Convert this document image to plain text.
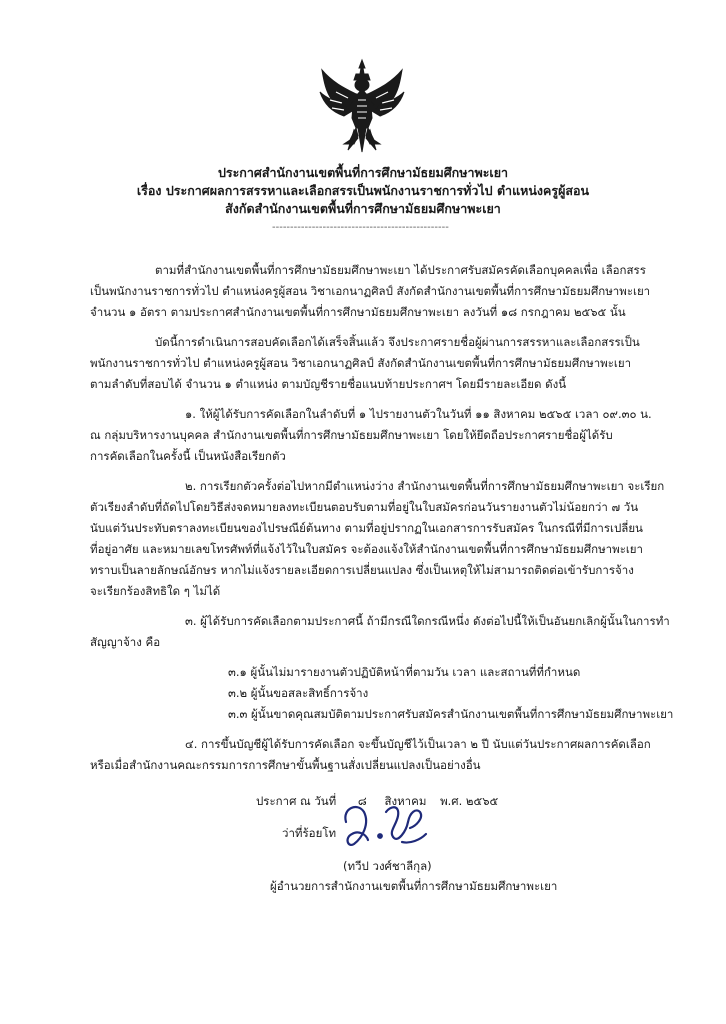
ประกาศสำนักงานเขตพื้นที่การศึกษามัธยมศึกษาพะเยา
เรื่อง ประกาศผลการสรรหาและเลือกสรรเป็นพนักงานราชการทั่วไป ตำแหน่งครูผู้สอน
สังกัดสำนักงานเขตพื้นที่การศึกษามัธยมศึกษาพะเยา
-------------------------------------------------
ตามที่สำนักงานเขตพื้นที่การศึกษามัธยมศึกษาพะเยา ได้ประกาศรับสมัครคัดเลือกบุคคลเพื่อ เลือกสรร
เป็นพนักงานราชการทั่วไป ตำแหน่งครูผู้สอน วิชาเอกนาฏศิลป์ สังกัดสำนักงานเขตพื้นที่การศึกษามัธยมศึกษาพะเยา
จำนวน ๑ อัตรา ตามประกาศสำนักงานเขตพื้นที่การศึกษามัธยมศึกษาพะเยา ลงวันที่ ๑๘ กรกฎาคม ๒๕๖๕ นั้น
บัดนี้การดำเนินการสอบคัดเลือกได้เสร็จสิ้นแล้ว จึงประกาศรายชื่อผู้ผ่านการสรรหาและเลือกสรรเป็น
พนักงานราชการทั่วไป ตำแหน่งครูผู้สอน วิชาเอกนาฏศิลป์ สังกัดสำนักงานเขตพื้นที่การศึกษามัธยมศึกษาพะเยา
ตามลำดับที่สอบได้ จำนวน ๑ ตำแหน่ง ตามบัญชีรายชื่อแนบท้ายประกาศฯ โดยมีรายละเอียด ดังนี้
๑. ให้ผู้ได้รับการคัดเลือกในลำดับที่ ๑ ไปรายงานตัวในวันที่ ๑๑ สิงหาคม ๒๕๖๕ เวลา ๐๙.๓๐ น.
ณ กลุ่มบริหารงานบุคคล สำนักงานเขตพื้นที่การศึกษามัธยมศึกษาพะเยา โดยให้ยึดถือประกาศรายชื่อผู้ได้รับ
การคัดเลือกในครั้งนี้ เป็นหนังสือเรียกตัว
๒. การเรียกตัวครั้งต่อไปหากมีตำแหน่งว่าง สำนักงานเขตพื้นที่การศึกษามัธยมศึกษาพะเยา จะเรียก
ตัวเรียงลำดับที่ถัดไปโดยวิธีส่งจดหมายลงทะเบียนตอบรับตามที่อยู่ในใบสมัครก่อนวันรายงานตัวไม่น้อยกว่า ๗ วัน
นับแต่วันประทับตราลงทะเบียนของไปรษณีย์ต้นทาง ตามที่อยู่ปรากฏในเอกสารการรับสมัคร ในกรณีที่มีการเปลี่ยน
ที่อยู่อาศัย และหมายเลขโทรศัพท์ที่แจ้งไว้ในใบสมัคร จะต้องแจ้งให้สำนักงานเขตพื้นที่การศึกษามัธยมศึกษาพะเยา
ทราบเป็นลายลักษณ์อักษร หากไม่แจ้งรายละเอียดการเปลี่ยนแปลง ซึ่งเป็นเหตุให้ไม่สามารถติดต่อเข้ารับการจ้าง
จะเรียกร้องสิทธิใด ๆ ไม่ได้
๓. ผู้ได้รับการคัดเลือกตามประกาศนี้ ถ้ามีกรณีใดกรณีหนึ่ง ดังต่อไปนี้ให้เป็นอันยกเลิกผู้นั้นในการทำ
สัญญาจ้าง คือ
๓.๑ ผู้นั้นไม่มารายงานตัวปฏิบัติหน้าที่ตามวัน เวลา และสถานที่ที่กำหนด
๓.๒ ผู้นั้นขอสละสิทธิ์การจ้าง
๓.๓ ผู้นั้นขาดคุณสมบัติตามประกาศรับสมัครสำนักงานเขตพื้นที่การศึกษามัธยมศึกษาพะเยา
๔. การขึ้นบัญชีผู้ได้รับการคัดเลือก จะขึ้นบัญชีไว้เป็นเวลา ๒ ปี นับแต่วันประกาศผลการคัดเลือก
หรือเมื่อสำนักงานคณะกรรมการการศึกษาขั้นพื้นฐานสั่งเปลี่ยนแปลงเป็นอย่างอื่น
ประกาศ ณ วันที่ ๘ สิงหาคม พ.ศ. ๒๕๖๕
ว่าที่ร้อยโท
(ทวีป วงศ์ชาลีกุล)
ผู้อำนวยการสำนักงานเขตพื้นที่การศึกษามัธยมศึกษาพะเยา
